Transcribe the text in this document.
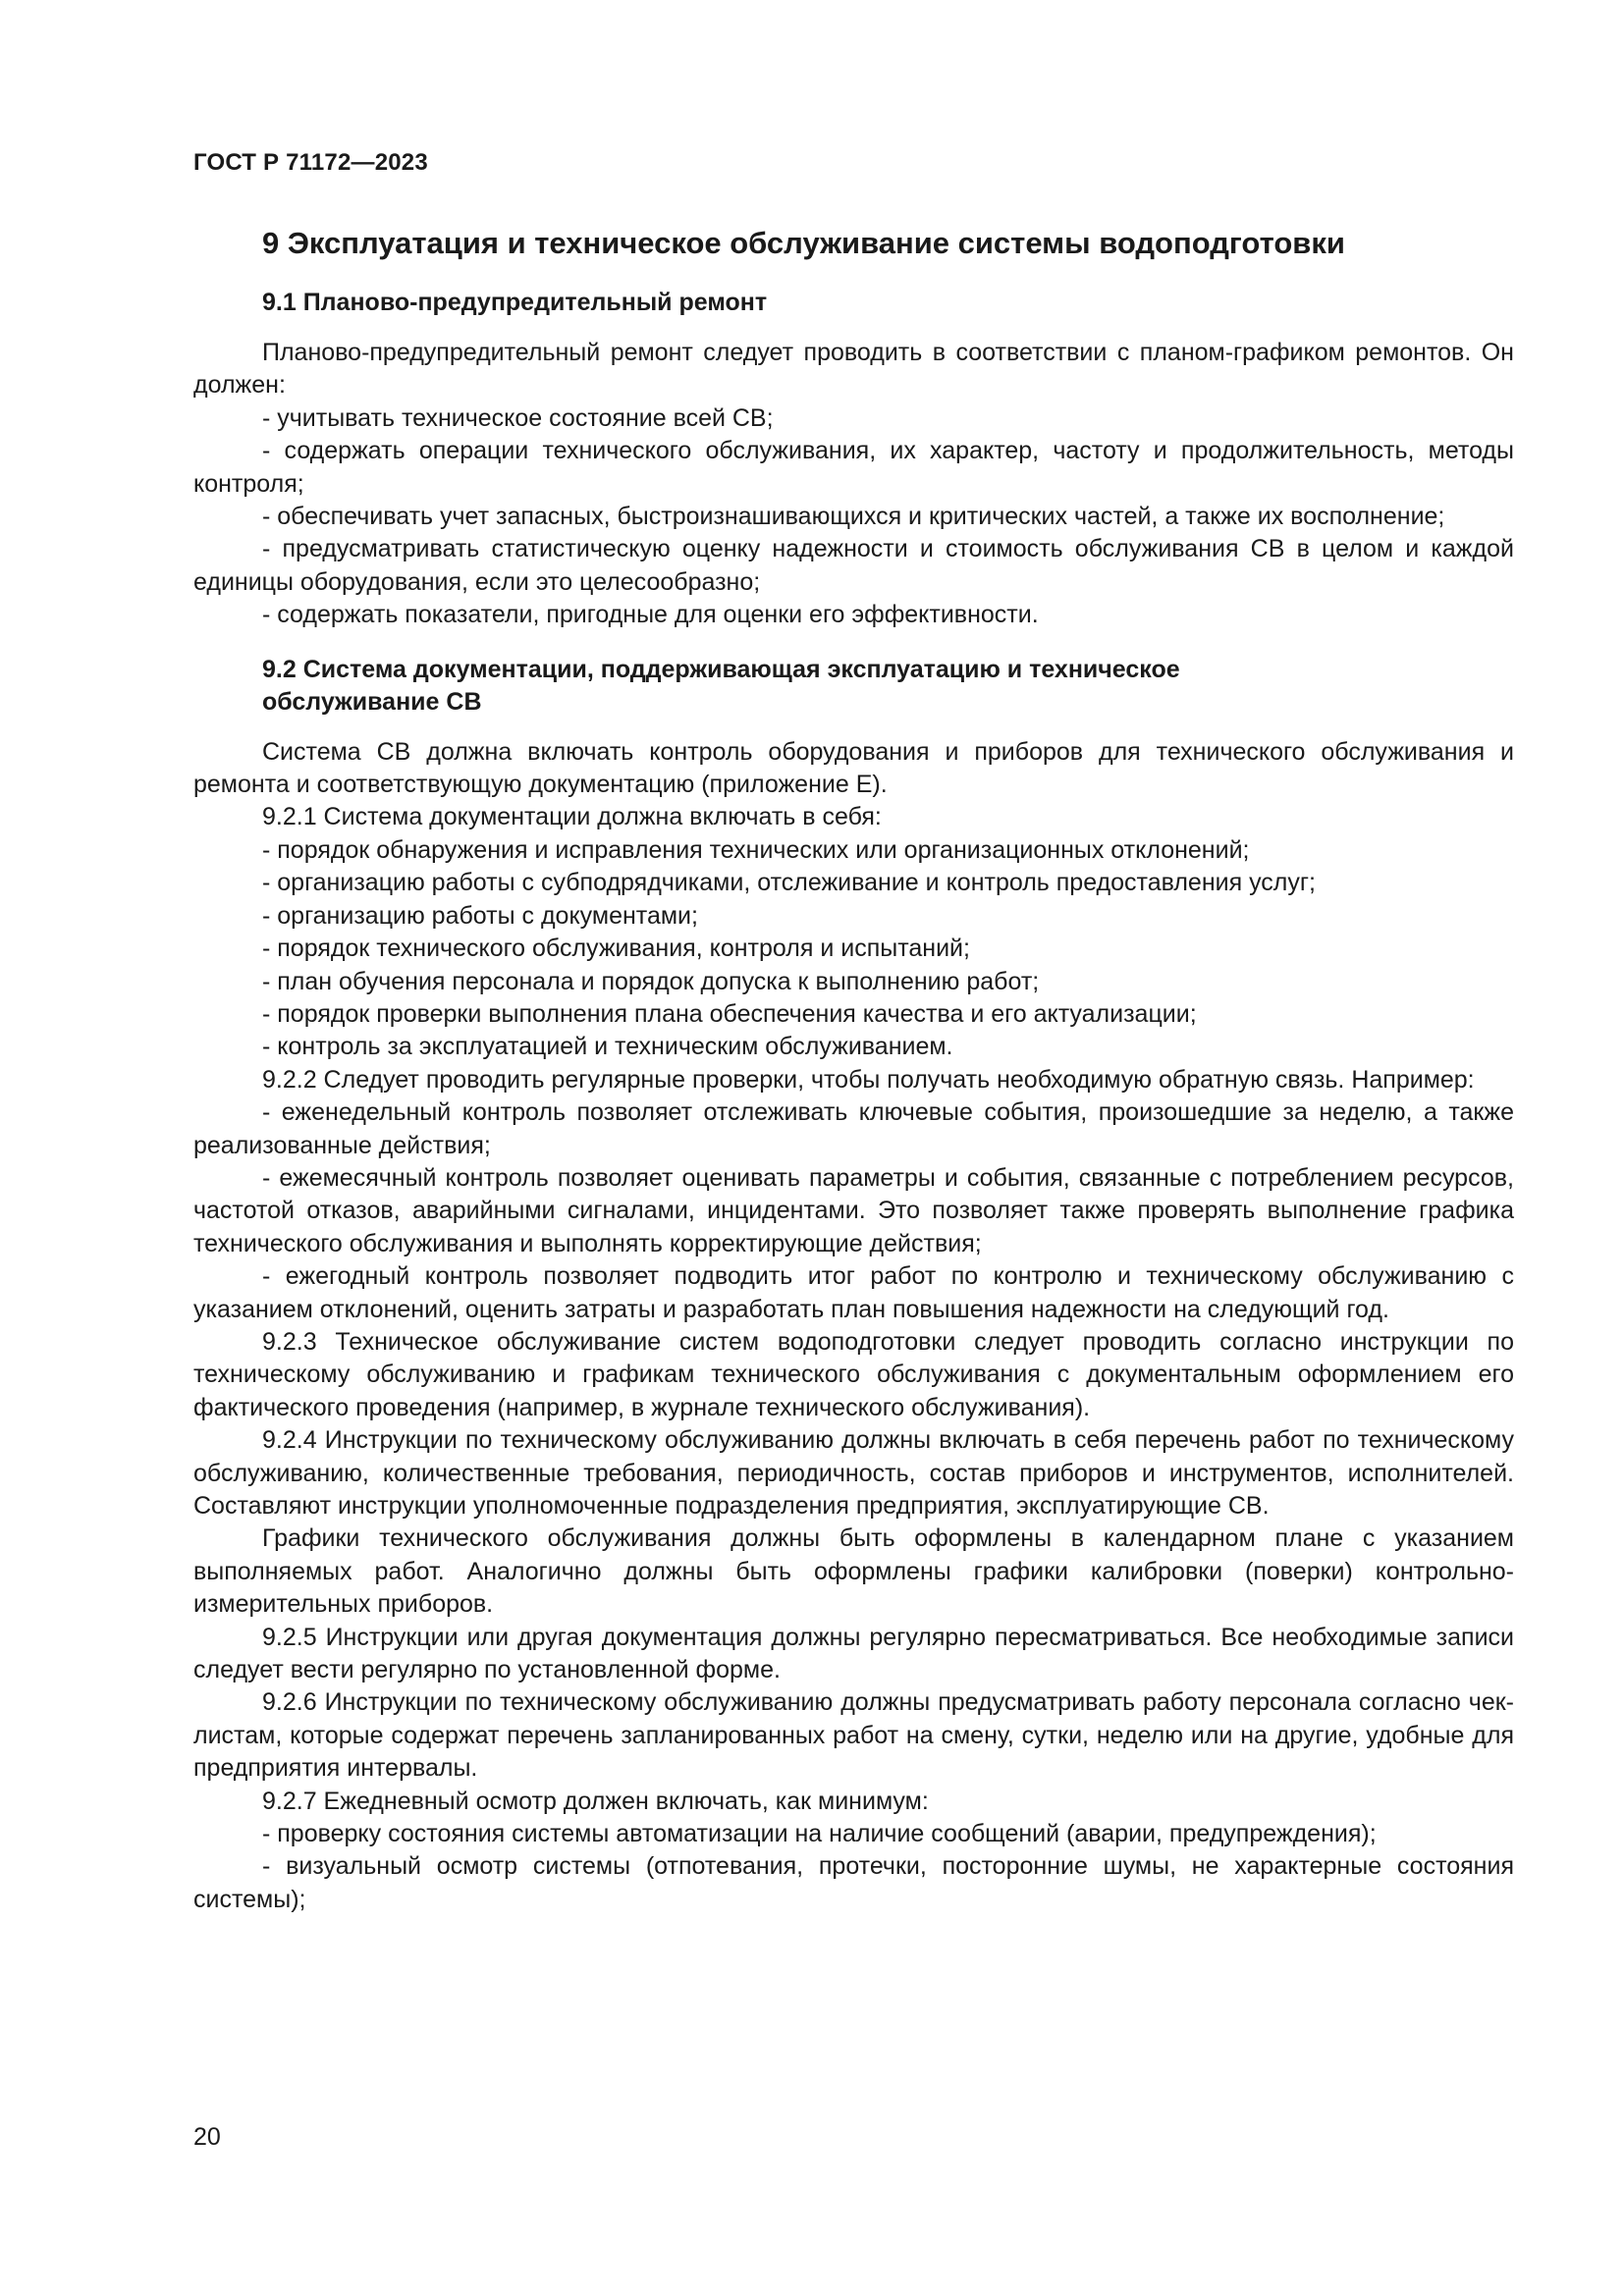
ГОСТ Р 71172—2023
9 Эксплуатация и техническое обслуживание системы водоподготовки
9.1 Планово-предупредительный ремонт

Планово-предупредительный ремонт следует проводить в соответствии с планом-графиком ремонтов. Он должен:

- учитывать техническое состояние всей СВ;

- содержать операции технического обслуживания, их характер, частоту и продолжительность, методы контроля;

- обеспечивать учет запасных, быстроизнашивающихся и критических частей, а также их восполнение;

- предусматривать статистическую оценку надежности и стоимость обслуживания СВ в целом и каждой единицы оборудования, если это целесообразно;

- содержать показатели, пригодные для оценки его эффективности.

9.2 Система документации, поддерживающая эксплуатацию и техническое
обслуживание СВ

Система СВ должна включать контроль оборудования и приборов для технического обслуживания и ремонта и соответствующую документацию (приложение Е).

9.2.1 Система документации должна включать в себя:

- порядок обнаружения и исправления технических или организационных отклонений;

- организацию работы с субподрядчиками, отслеживание и контроль предоставления услуг;

- организацию работы с документами;

- порядок технического обслуживания, контроля и испытаний;

- план обучения персонала и порядок допуска к выполнению работ;

- порядок проверки выполнения плана обеспечения качества и его актуализации;

- контроль за эксплуатацией и техническим обслуживанием.

9.2.2 Следует проводить регулярные проверки, чтобы получать необходимую обратную связь. Например:

- еженедельный контроль позволяет отслеживать ключевые события, произошедшие за неделю, а также реализованные действия;

- ежемесячный контроль позволяет оценивать параметры и события, связанные с потреблением ресурсов, частотой отказов, аварийными сигналами, инцидентами. Это позволяет также проверять выполнение графика технического обслуживания и выполнять корректирующие действия;

- ежегодный контроль позволяет подводить итог работ по контролю и техническому обслуживанию с указанием отклонений, оценить затраты и разработать план повышения надежности на следующий год.

9.2.3 Техническое обслуживание систем водоподготовки следует проводить согласно инструкции по техническому обслуживанию и графикам технического обслуживания с документальным оформлением его фактического проведения (например, в журнале технического обслуживания).

9.2.4 Инструкции по техническому обслуживанию должны включать в себя перечень работ по техническому обслуживанию, количественные требования, периодичность, состав приборов и инструментов, исполнителей. Составляют инструкции уполномоченные подразделения предприятия, эксплуатирующие СВ.

Графики технического обслуживания должны быть оформлены в календарном плане с указанием выполняемых работ. Аналогично должны быть оформлены графики калибровки (поверки) контрольно-измерительных приборов.

9.2.5 Инструкции или другая документация должны регулярно пересматриваться. Все необходимые записи следует вести регулярно по установленной форме.

9.2.6 Инструкции по техническому обслуживанию должны предусматривать работу персонала согласно чек-листам, которые содержат перечень запланированных работ на смену, сутки, неделю или на другие, удобные для предприятия интервалы.

9.2.7 Ежедневный осмотр должен включать, как минимум:

- проверку состояния системы автоматизации на наличие сообщений (аварии, предупреждения);

- визуальный осмотр системы (отпотевания, протечки, посторонние шумы, не характерные состояния системы);

20
